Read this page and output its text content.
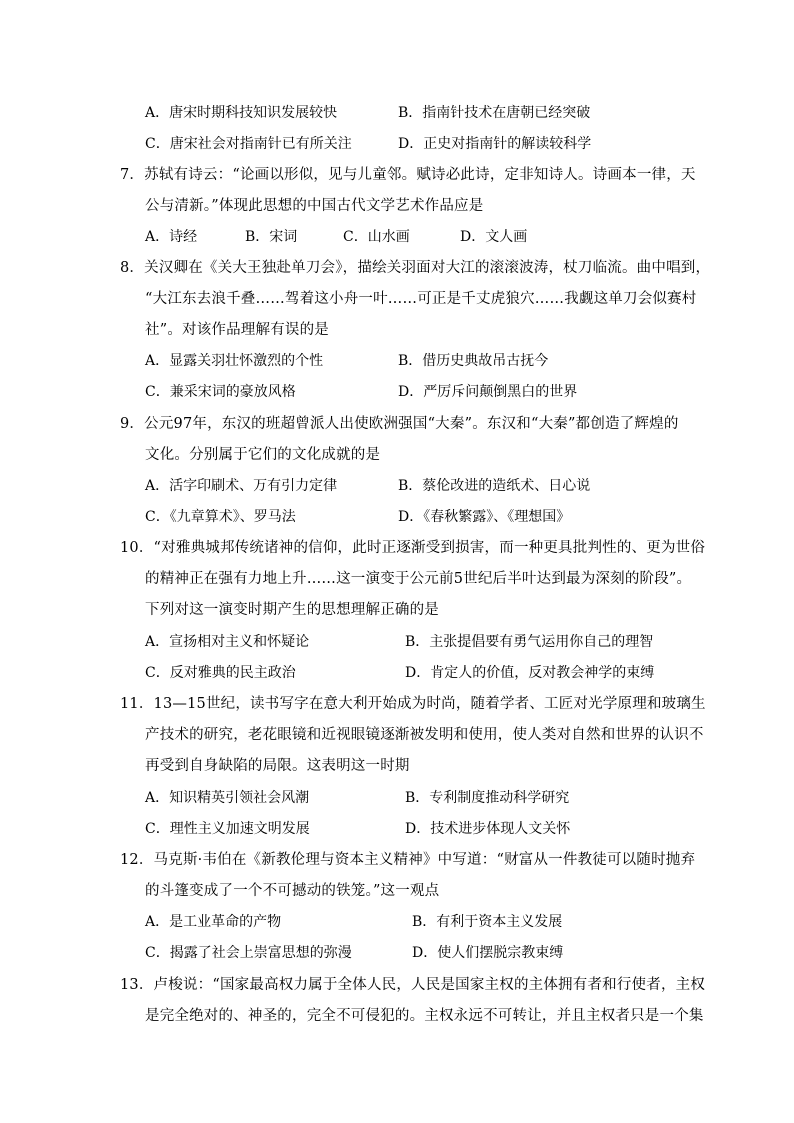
A．唐宋时期科技知识发展较快	B．指南针技术在唐朝已经突破
C．唐宋社会对指南针已有所关注	D．正史对指南针的解读较科学
7．苏轼有诗云：“论画以形似，见与儿童邻。赋诗必此诗，定非知诗人。诗画本一律，天
公与清新。”体现此思想的中国古代文学艺术作品应是
A．诗经	B．宋词	C．山水画	D．文人画
8．关汉卿在《关大王独赴单刀会》，描绘关羽面对大江的滚滚波涛，杖刀临流。曲中唱到，
“大江东去浪千叠……驾着这小舟一叶……可正是千丈虎狼穴……我觑这单刀会似赛村
社”。对该作品理解有误的是
A．显露关羽壮怀激烈的个性	B．借历史典故吊古抚今
C．兼采宋词的豪放风格	D．严厉斥问颠倒黑白的世界
9．公元97年，东汉的班超曾派人出使欧洲强国“大秦”。东汉和“大秦”都创造了辉煌的
文化。分别属于它们的文化成就的是
A．活字印刷术、万有引力定律	B．蔡伦改进的造纸术、日心说
C．《九章算术》、罗马法	D．《春秋繁露》、《理想国》
10．“对雅典城邦传统诸神的信仰，此时正逐渐受到损害，而一种更具批判性的、更为世俗
的精神正在强有力地上升……这一演变于公元前5世纪后半叶达到最为深刻的阶段”。
下列对这一演变时期产生的思想理解正确的是
A．宣扬相对主义和怀疑论	B．主张提倡要有勇气运用你自己的理智
C．反对雅典的民主政治	D．肯定人的价值，反对教会神学的束缚
11．13—15世纪，读书写字在意大利开始成为时尚，随着学者、工匠对光学原理和玻璃生
产技术的研究，老花眼镜和近视眼镜逐渐被发明和使用，使人类对自然和世界的认识不
再受到自身缺陷的局限。这表明这一时期
A．知识精英引领社会风潮	B．专利制度推动科学研究
C．理性主义加速文明发展	D．技术进步体现人文关怀
12．马克斯·韦伯在《新教伦理与资本主义精神》中写道：“财富从一件教徒可以随时抛弃
的斗篷变成了一个不可撼动的铁笼。”这一观点
A．是工业革命的产物	B．有利于资本主义发展
C．揭露了社会上崇富思想的弥漫	D．使人们摆脱宗教束缚
13．卢梭说：“国家最高权力属于全体人民，人民是国家主权的主体拥有者和行使者，主权
是完全绝对的、神圣的，完全不可侵犯的。主权永远不可转让，并且主权者只是一个集
